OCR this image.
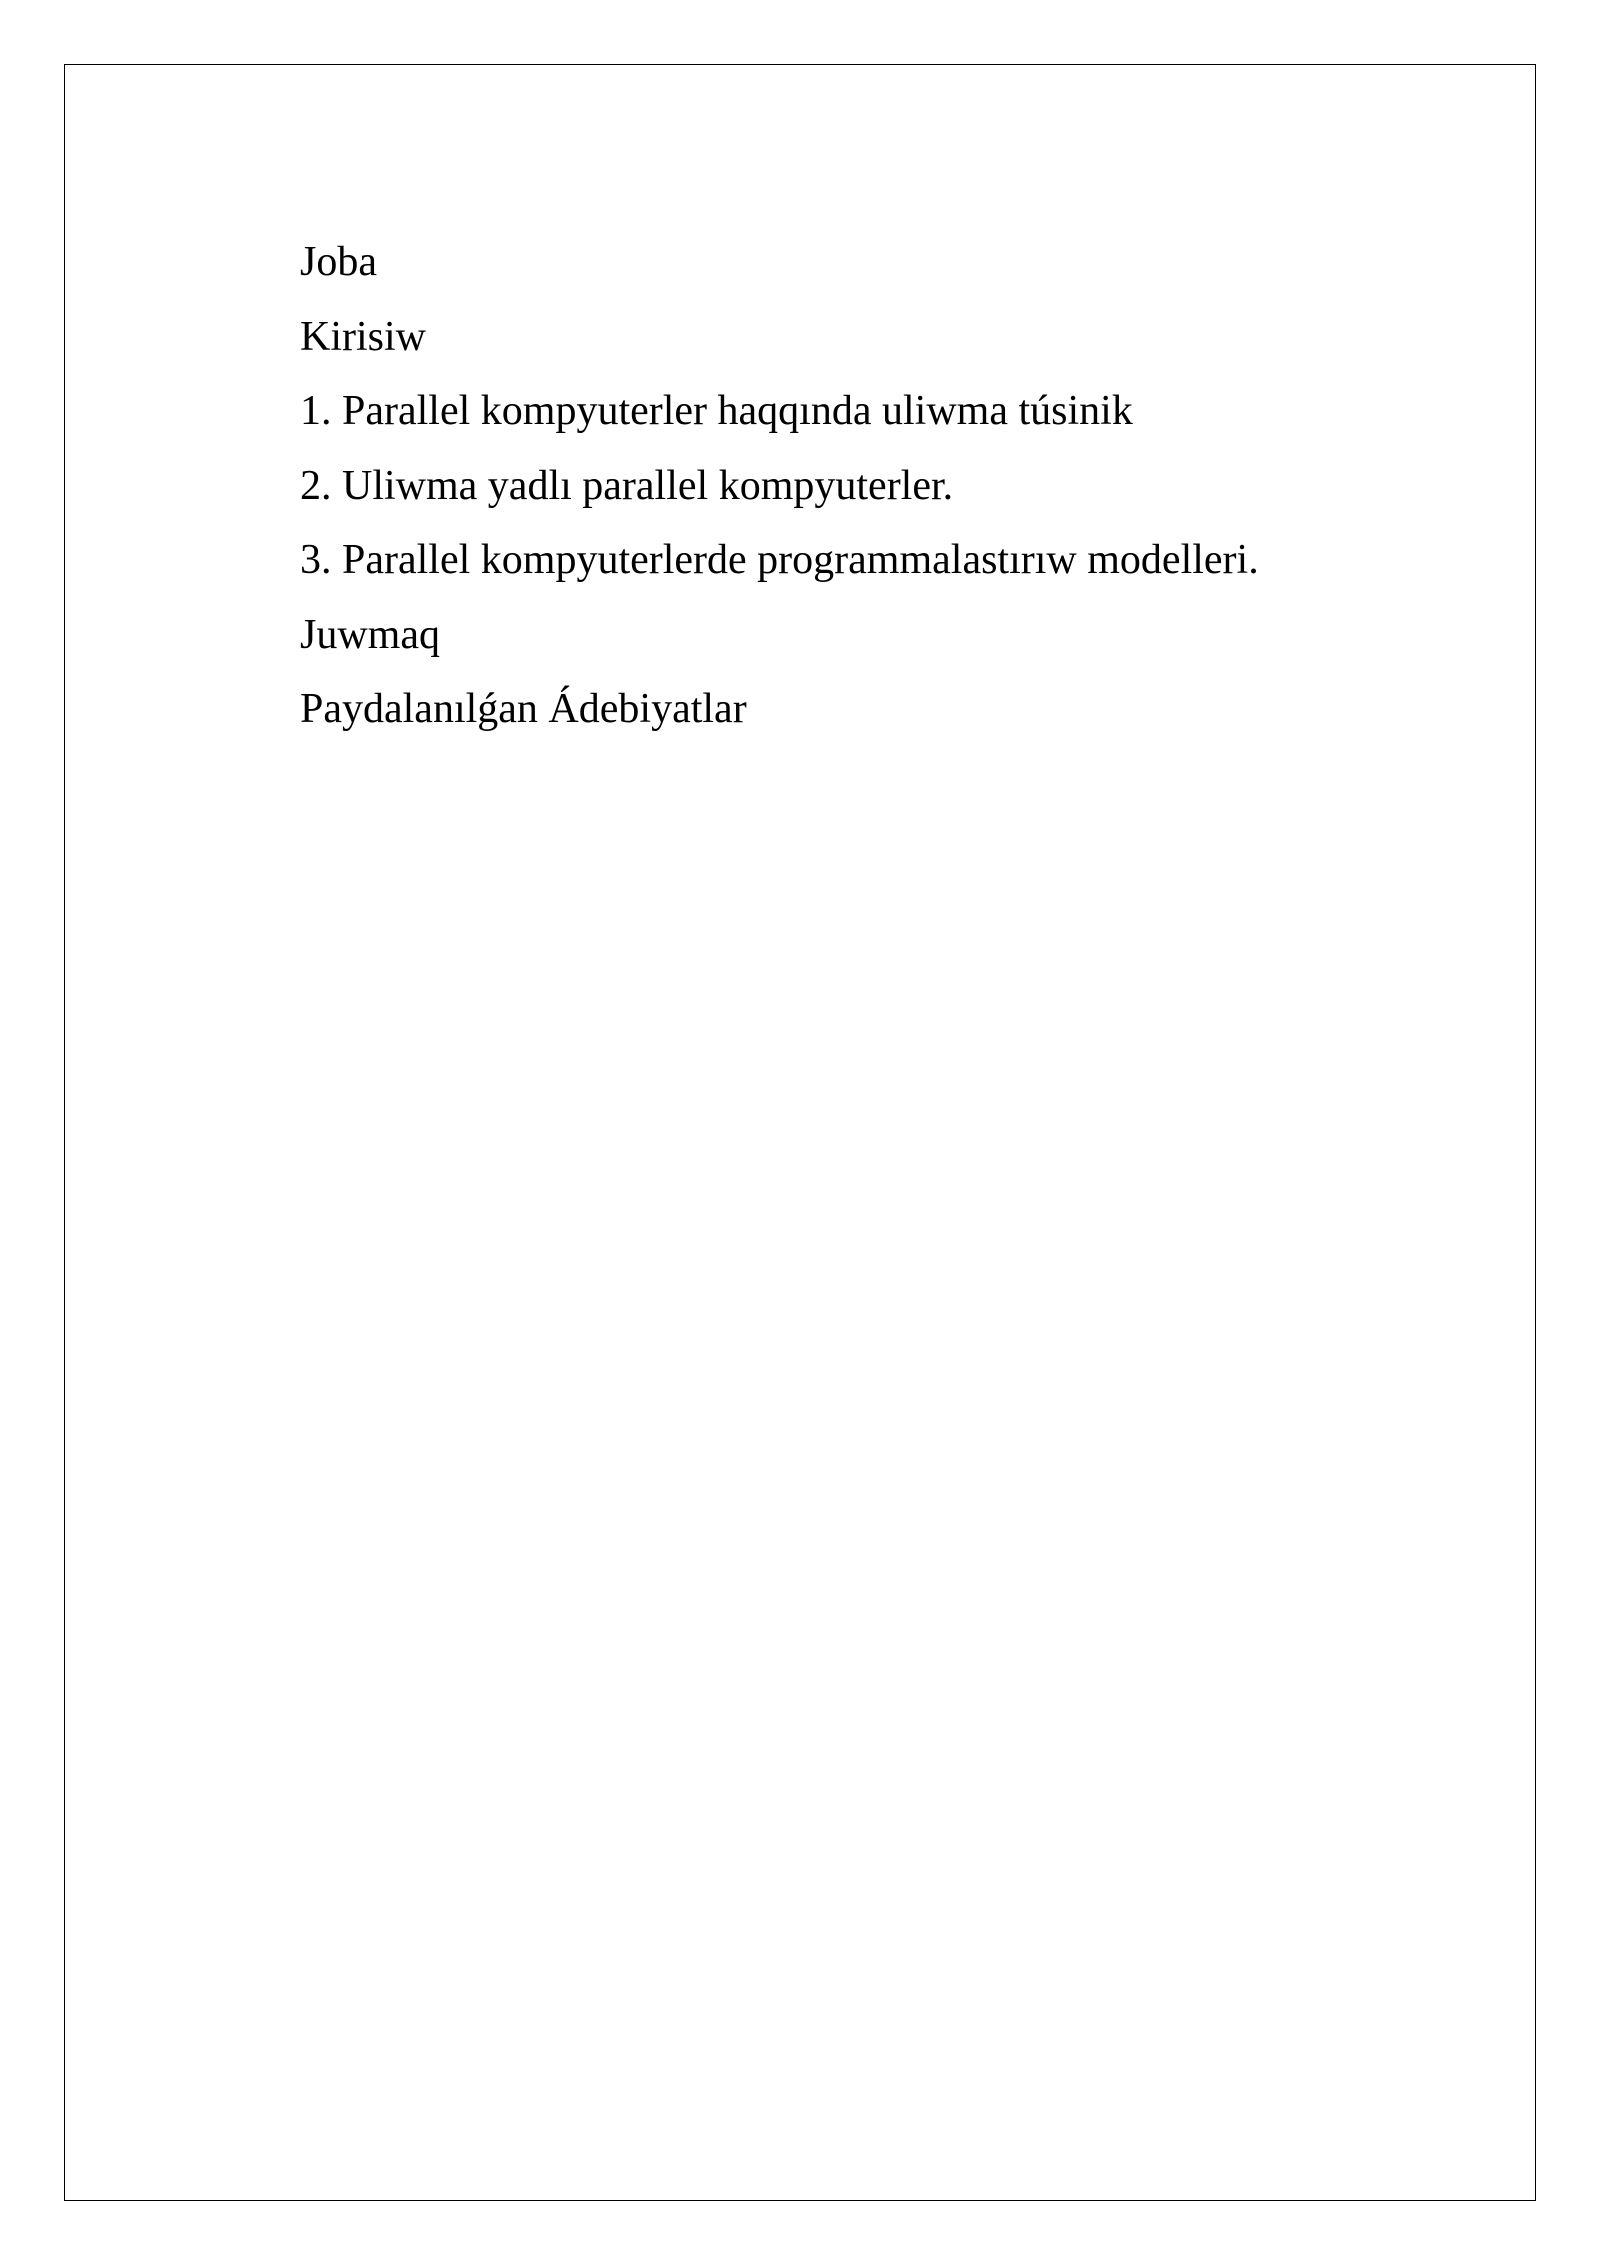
Joba
Kirisiw
1. Parallel kompyuterler haqqında uliwma túsinik
2. Uliwma yadlı parallel kompyuterler.
3. Parallel kompyuterlerde programmalastırıw modelleri.
Juwmaq
Paydalanılǵan Ádebiyatlar
